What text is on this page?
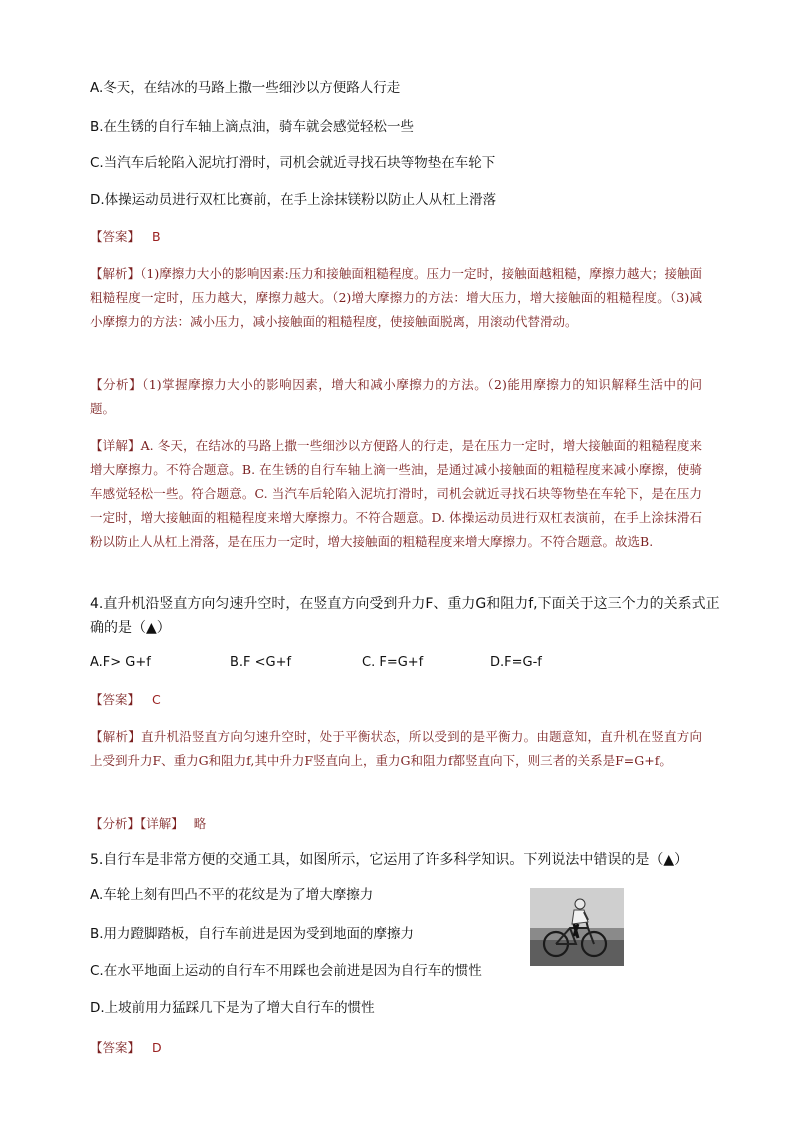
A.冬天，在结冰的马路上撒一些细沙以方便路人行走
B.在生锈的自行车轴上滴点油，骑车就会感觉轻松一些
C.当汽车后轮陷入泥坑打滑时，司机会就近寻找石块等物垫在车轮下
D.体操运动员进行双杠比赛前，在手上涂抹镁粉以防止人从杠上滑落
【答案】 B
【解析】（1)摩擦力大小的影响因素:压力和接触面粗糙程度。压力一定时，接触面越粗糙，摩擦力越大；接触面粗糙程度一定时，压力越大，摩擦力越大。（2)增大摩擦力的方法：增大压力，增大接触面的粗糙程度。（3)减小摩擦力的方法：减小压力，减小接触面的粗糙程度，使接触面脱离，用滚动代替滑动。
【分析】（1)掌握摩擦力大小的影响因素，增大和减小摩擦力的方法。（2)能用摩擦力的知识解释生活中的问题。
【详解】A. 冬天，在结冰的马路上撒一些细沙以方便路人的行走，是在压力一定时，增大接触面的粗糙程度来增大摩擦力。不符合题意。B. 在生锈的自行车轴上滴一些油，是通过减小接触面的粗糙程度来减小摩擦，使骑车感觉轻松一些。符合题意。C. 当汽车后轮陷入泥坑打滑时，司机会就近寻找石块等物垫在车轮下，是在压力一定时，增大接触面的粗糙程度来增大摩擦力。不符合题意。D. 体操运动员进行双杠表演前，在手上涂抹滑石粉以防止人从杠上滑落，是在压力一定时，增大接触面的粗糙程度来增大摩擦力。不符合题意。故选B.
4.直升机沿竖直方向匀速升空时，在竖直方向受到升力F、重力G和阻力f,下面关于这三个力的关系式正确的是（▲）
A.F> G+f	B.F <G+f	C. F=G+f	D.F=G-f
【答案】 C
【解析】直升机沿竖直方向匀速升空时，处于平衡状态，所以受到的是平衡力。由题意知，直升机在竖直方向上受到升力F、重力G和阻力f,其中升力F竖直向上，重力G和阻力f都竖直向下，则三者的关系是F=G+f。
【分析】【详解】 略
5.自行车是非常方便的交通工具，如图所示，它运用了许多科学知识。下列说法中错误的是（▲）
A.车轮上刻有凹凸不平的花纹是为了增大摩擦力
B.用力蹬脚踏板，自行车前进是因为受到地面的摩擦力
C.在水平地面上运动的自行车不用踩也会前进是因为自行车的惯性
D.上坡前用力猛踩几下是为了增大自行车的惯性
【答案】 D
